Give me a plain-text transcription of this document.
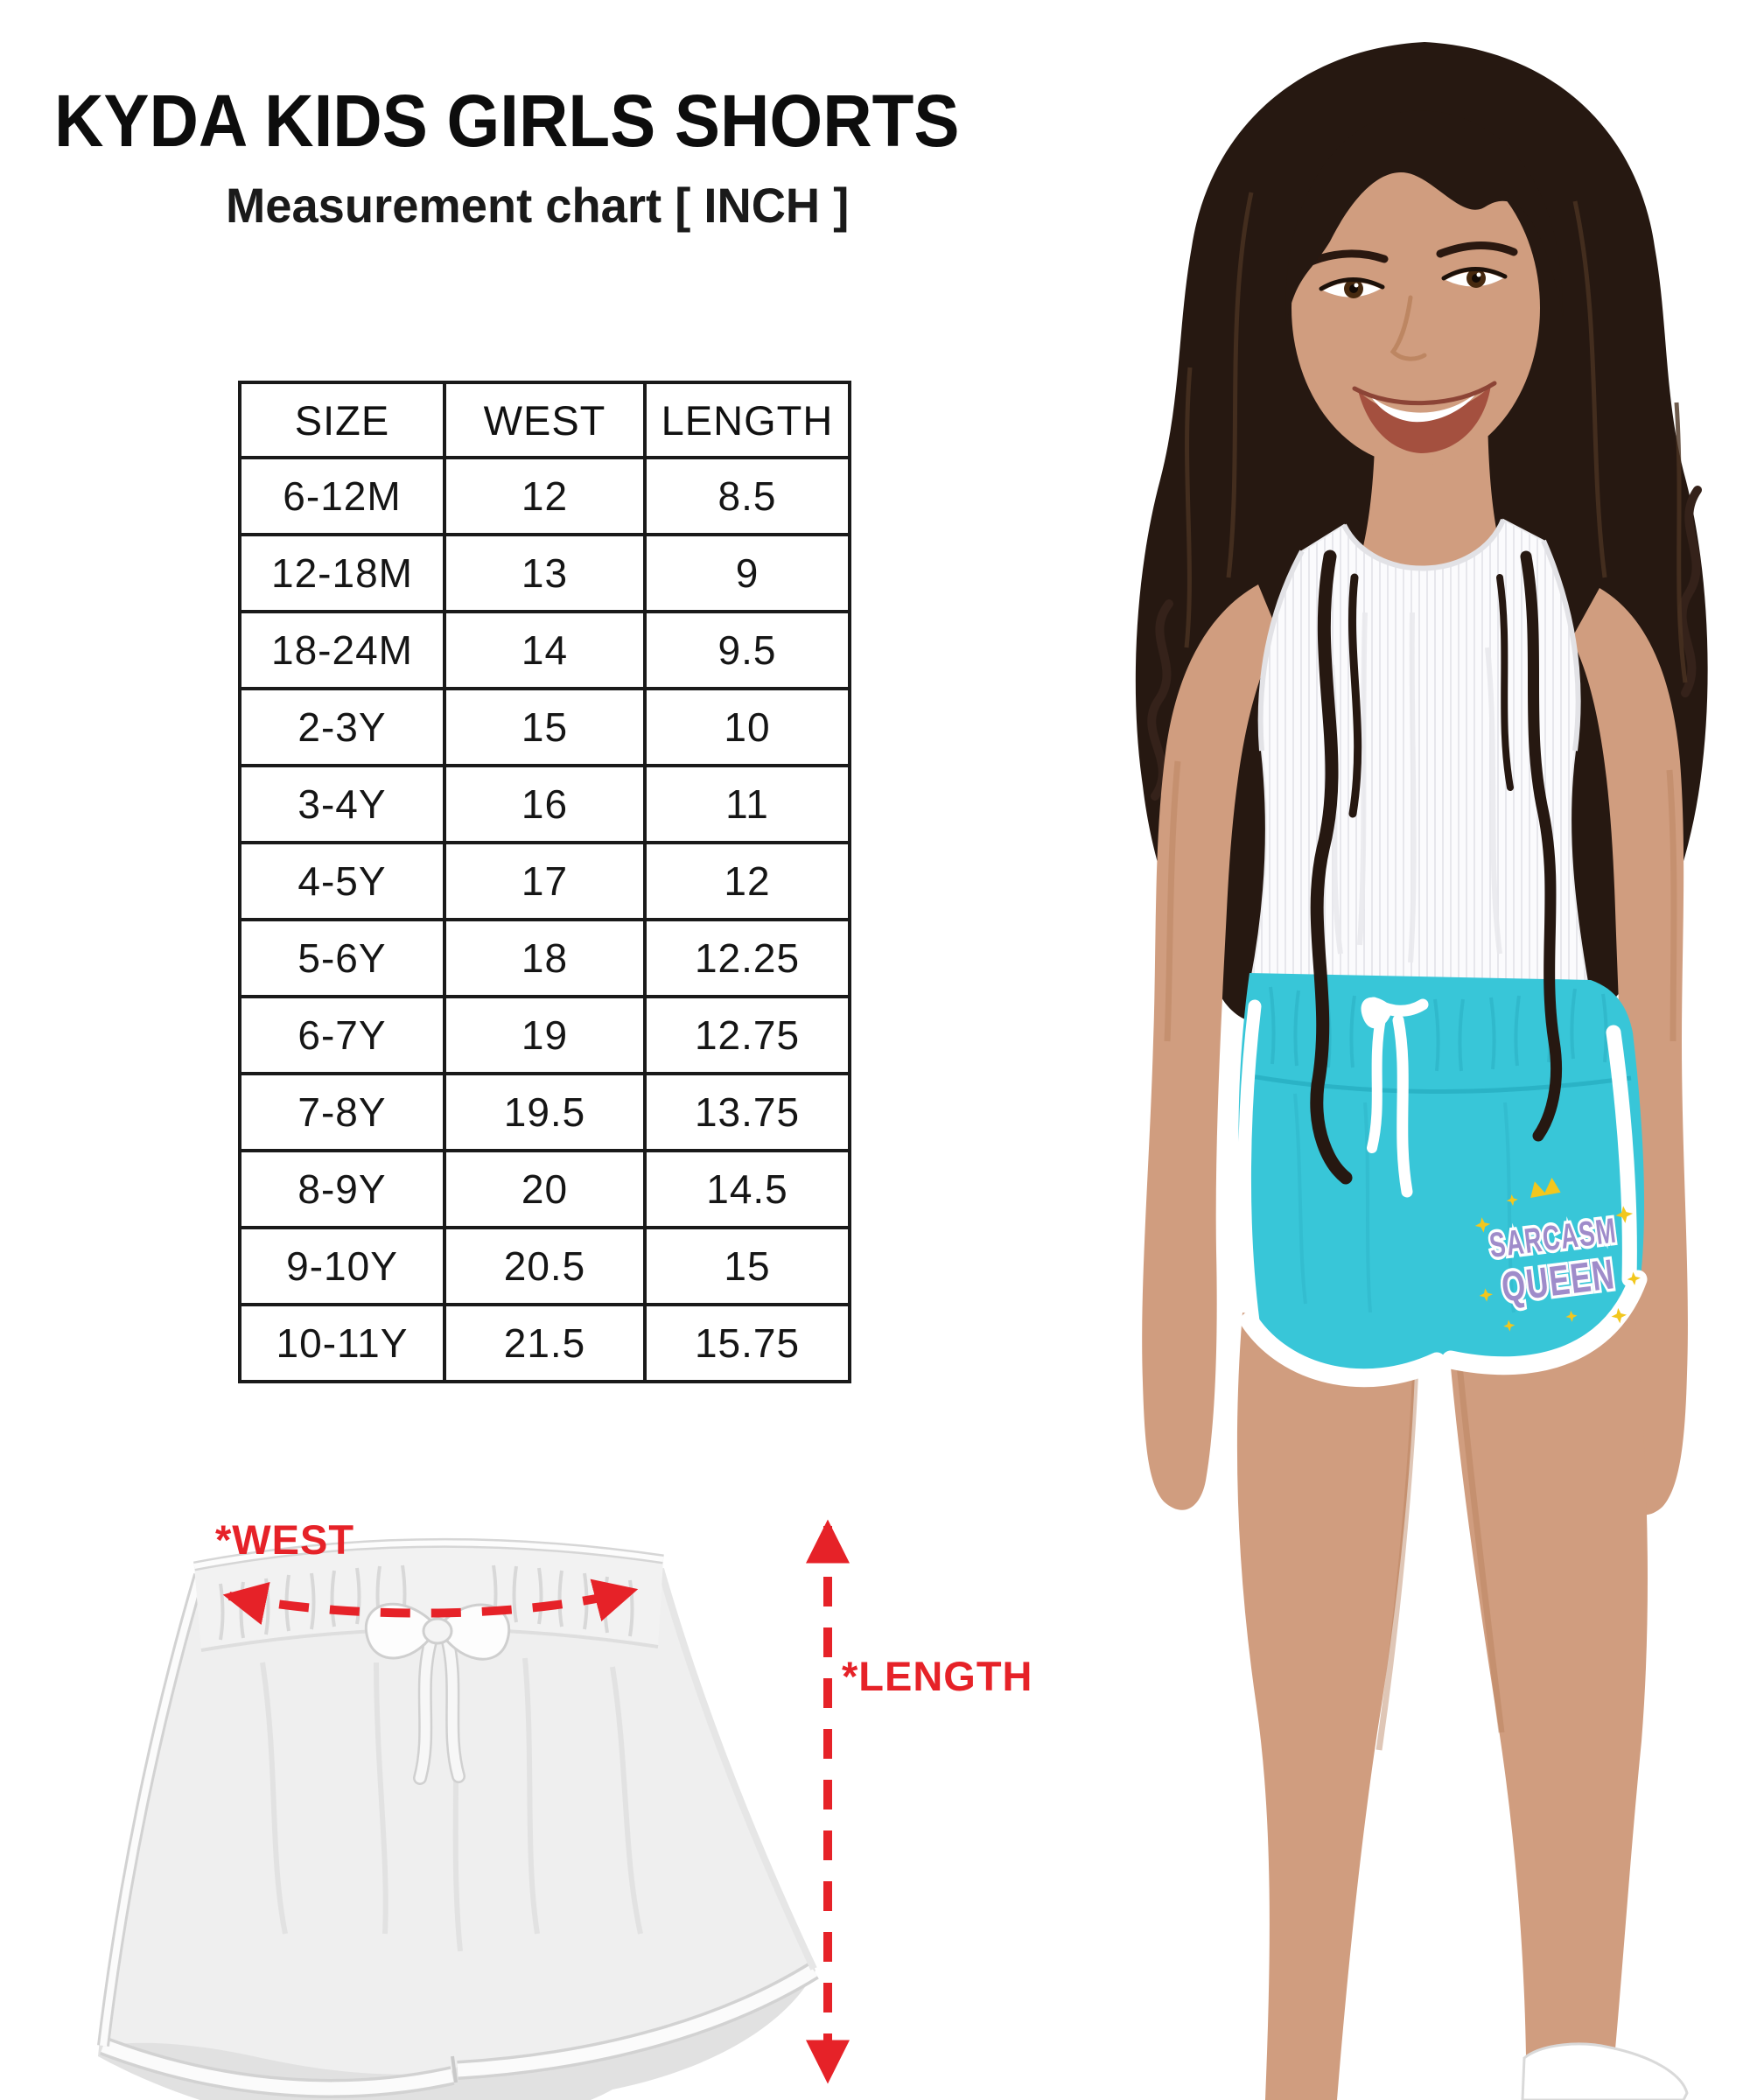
KYDA KIDS GIRLS SHORTS
Measurement chart [ INCH ]
SIZE	WEST	LENGTH
6-12M	12	8.5
12-18M	13	9
18-24M	14	9.5
2-3Y	15	10
3-4Y	16	11
4-5Y	17	12
5-6Y	18	12.25
6-7Y	19	12.75
7-8Y	19.5	13.75
8-9Y	20	14.5
9-10Y	20.5	15
10-11Y	21.5	15.75
SARCASM
QUEEN
*WEST
*LENGTH
